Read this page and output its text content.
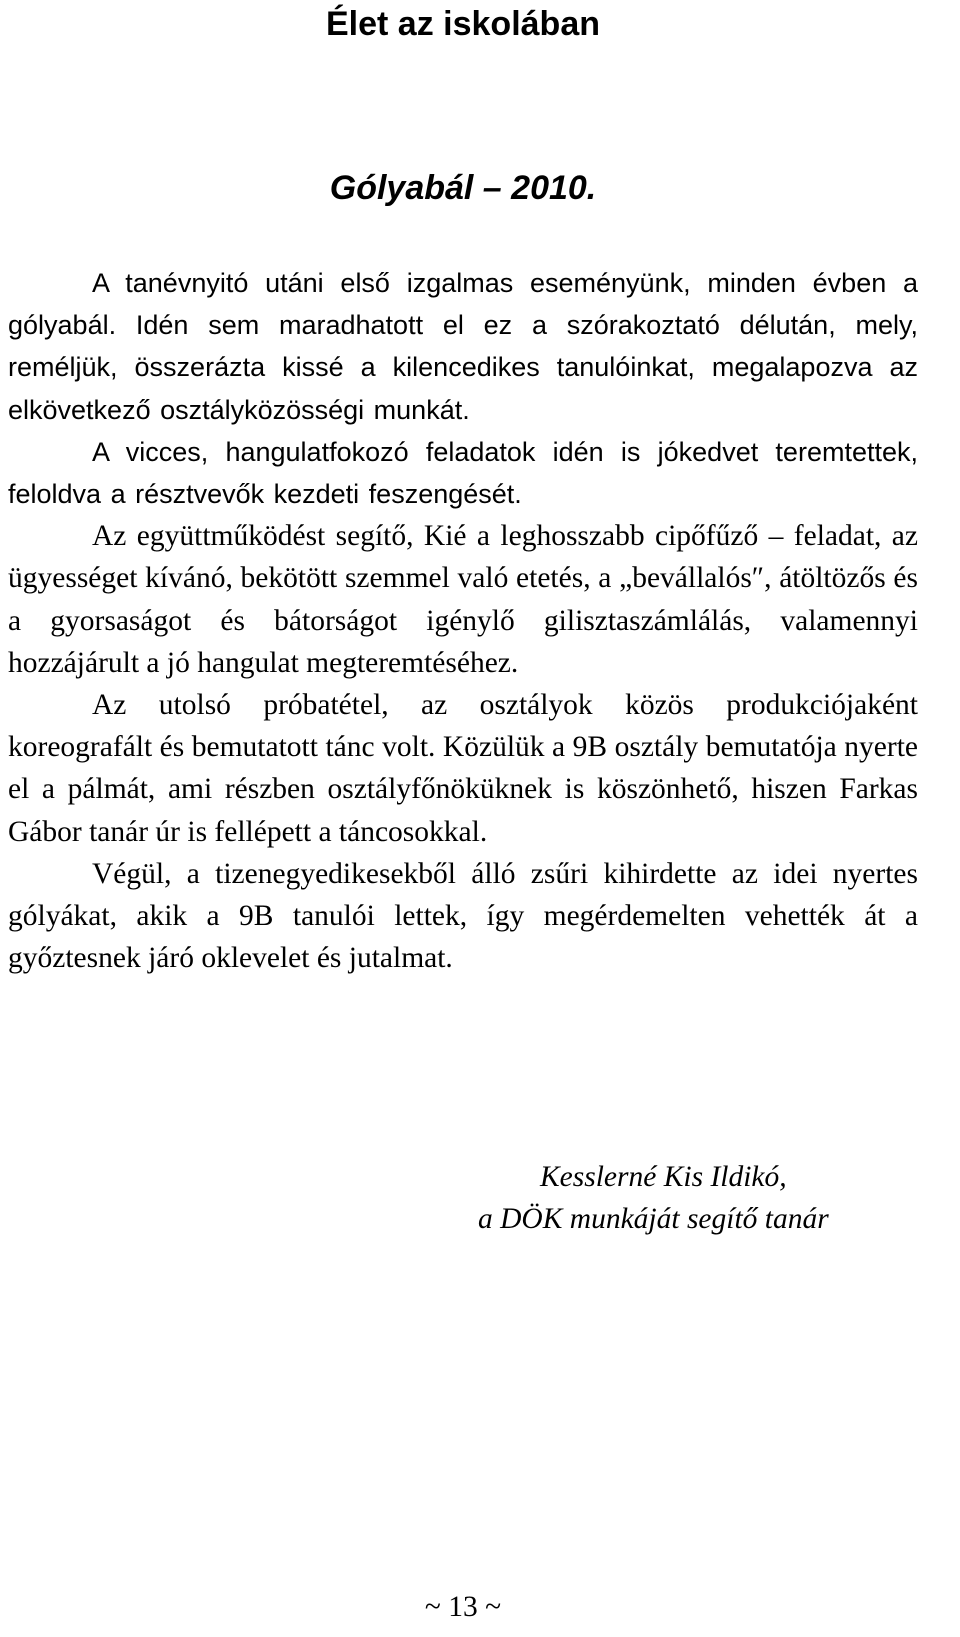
Élet az iskolában
Gólyabál – 2010.

A tanévnyitó utáni első izgalmas eseményünk, minden évben a gólyabál. Idén sem maradhatott el ez a szórakoztató délután, mely, reméljük, összerázta kissé a kilencedikes tanulóinkat, megalapozva az elkövetkező osztályközösségi munkát.

A vicces, hangulatfokozó feladatok idén is jókedvet teremtettek, feloldva a résztvevők kezdeti feszengését.

Az együttműködést segítő, Kié a leghosszabb cipőfűző – feladat, az ügyességet kívánó, bekötött szemmel való etetés, a „bevállalós″, átöltözős és a gyorsaságot és bátorságot igénylő gilisztaszámlálás, valamennyi hozzájárult a jó hangulat megteremtéséhez.

Az utolsó próbatétel, az osztályok közös produkciójaként koreografált és bemutatott tánc volt. Közülük a 9B osztály bemutatója nyerte el a pálmát, ami részben osztályfőnöküknek is köszönhető, hiszen Farkas Gábor tanár úr is fellépett a táncosokkal.

Végül, a tizenegyedikesekből álló zsűri kihirdette az idei nyertes gólyákat, akik a 9B tanulói lettek, így megérdemelten vehették át a győztesnek járó oklevelet és jutalmat.

Kesslerné Kis Ildikó,
a DÖK munkáját segítő tanár
~ 13 ~
